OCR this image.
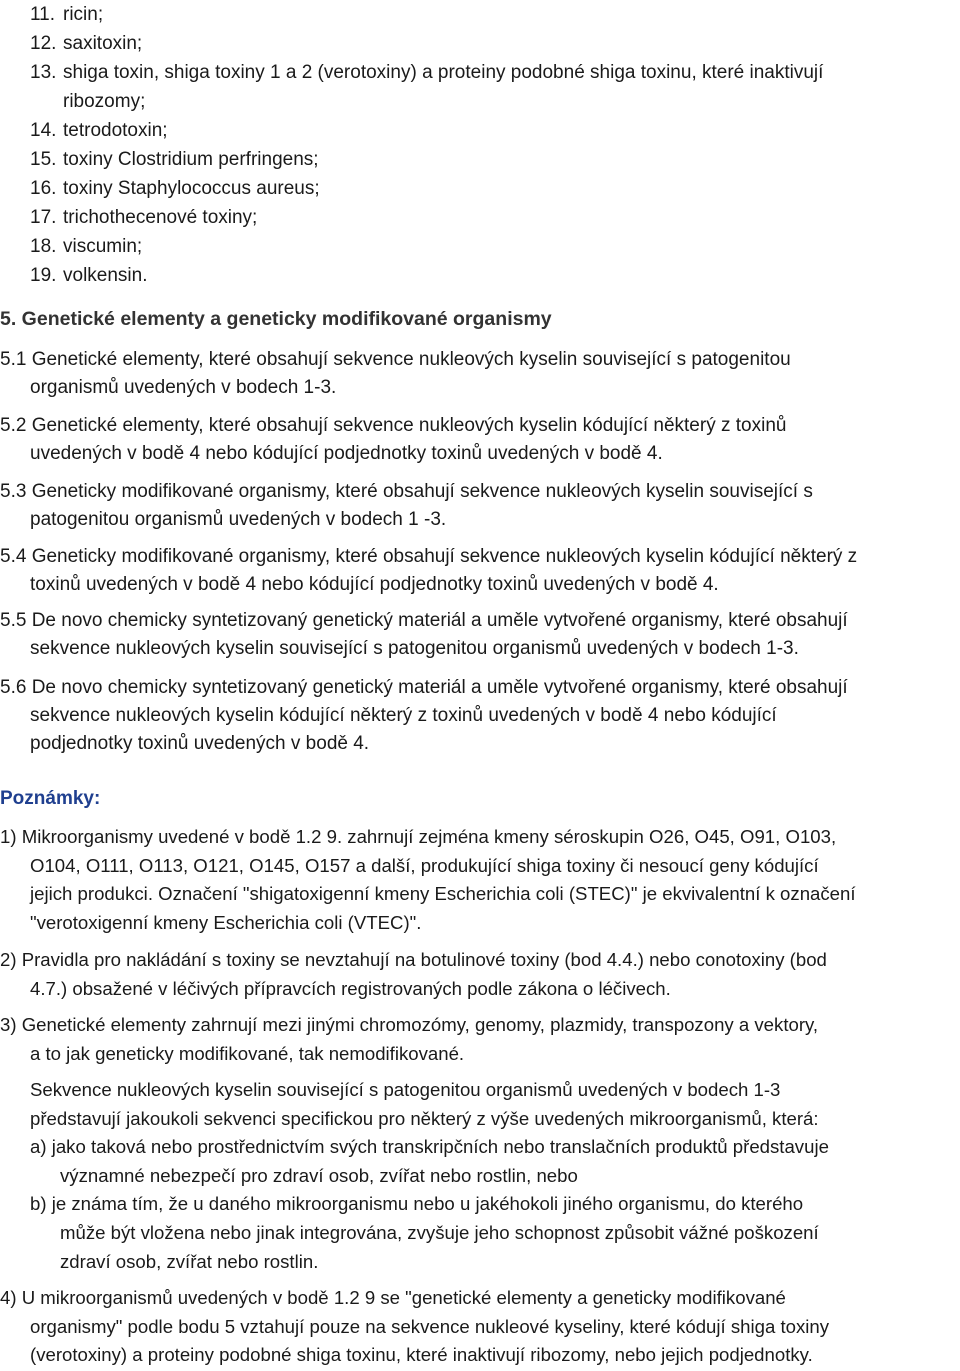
11. ricin;
12. saxitoxin;
13. shiga toxin, shiga toxiny 1 a 2 (verotoxiny) a proteiny podobné shiga toxinu, které inaktivují
ribozomy;
14. tetrodotoxin;
15. toxiny Clostridium perfringens;
16. toxiny Staphylococcus aureus;
17. trichothecenové toxiny;
18. viscumin;
19. volkensin.
5. Genetické elementy a geneticky modifikované organismy
5.1 Genetické elementy, které obsahují sekvence nukleových kyselin související s patogenitou
organismů uvedených v bodech 1-3.
5.2 Genetické elementy, které obsahují sekvence nukleových kyselin kódující některý z toxinů
uvedených v bodě 4 nebo kódující podjednotky toxinů uvedených v bodě 4.
5.3 Geneticky modifikované organismy, které obsahují sekvence nukleových kyselin související s
patogenitou organismů uvedených v bodech 1 -3.
5.4 Geneticky modifikované organismy, které obsahují sekvence nukleových kyselin kódující některý z
toxinů uvedených v bodě 4 nebo kódující podjednotky toxinů uvedených v bodě 4.
5.5 De novo chemicky syntetizovaný genetický materiál a uměle vytvořené organismy, které obsahují
sekvence nukleových kyselin související s patogenitou organismů uvedených v bodech 1-3.
5.6 De novo chemicky syntetizovaný genetický materiál a uměle vytvořené organismy, které obsahují
sekvence nukleových kyselin kódující některý z toxinů uvedených v bodě 4 nebo kódující
podjednotky toxinů uvedených v bodě 4.
Poznámky:
1) Mikroorganismy uvedené v bodě 1.2 9. zahrnují zejména kmeny séroskupin O26, O45, O91, O103,
O104, O111, O113, O121, O145, O157 a další, produkující shiga toxiny či nesoucí geny kódující
jejich produkci. Označení "shigatoxigenní kmeny Escherichia coli (STEC)" je ekvivalentní k označení
"verotoxigenní kmeny Escherichia coli (VTEC)".
2) Pravidla pro nakládání s toxiny se nevztahují na botulinové toxiny (bod 4.4.) nebo conotoxiny (bod
4.7.) obsažené v léčivých přípravcích registrovaných podle zákona o léčivech.
3) Genetické elementy zahrnují mezi jinými chromozómy, genomy, plazmidy, transpozony a vektory,
a to jak geneticky modifikované, tak nemodifikované.
Sekvence nukleových kyselin související s patogenitou organismů uvedených v bodech 1-3
představují jakoukoli sekvenci specifickou pro některý z výše uvedených mikroorganismů, která:
a) jako taková nebo prostřednictvím svých transkripčních nebo translačních produktů představuje
významné nebezpečí pro zdraví osob, zvířat nebo rostlin, nebo
b) je známa tím, že u daného mikroorganismu nebo u jakéhokoli jiného organismu, do kterého
může být vložena nebo jinak integrována, zvyšuje jeho schopnost způsobit vážné poškození
zdraví osob, zvířat nebo rostlin.
4) U mikroorganismů uvedených v bodě 1.2 9 se "genetické elementy a geneticky modifikované
organismy" podle bodu 5 vztahují pouze na sekvence nukleové kyseliny, které kódují shiga toxiny
(verotoxiny) a proteiny podobné shiga toxinu, které inaktivují ribozomy, nebo jejich podjednotky.
